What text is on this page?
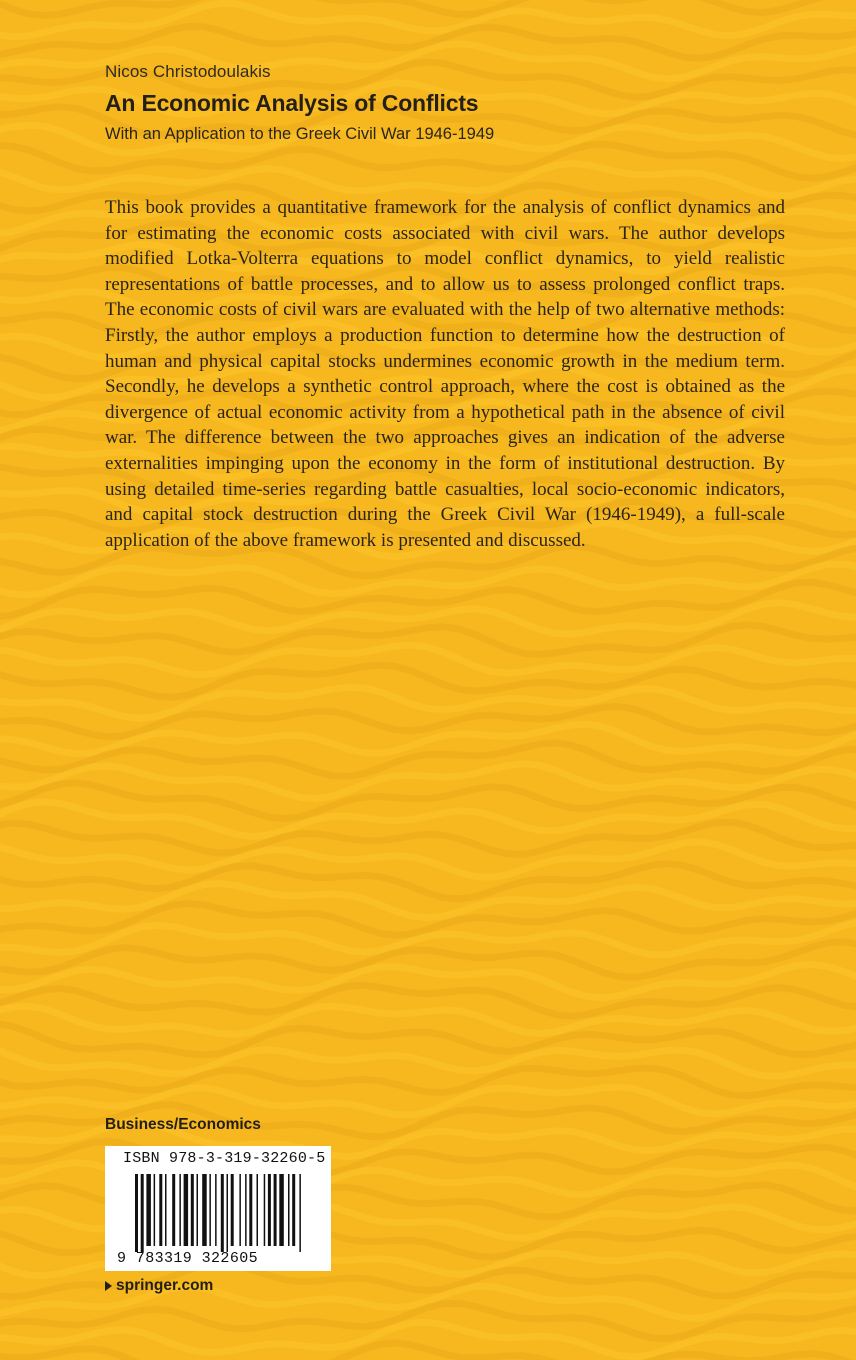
Nicos Christodoulakis
An Economic Analysis of Conflicts
With an Application to the Greek Civil War 1946-1949

This book provides a quantitative framework for the analysis of conflict dynamics and for estimating the economic costs associated with civil wars. The author develops modified Lotka-Volterra equations to model conflict dynamics, to yield realistic representations of battle processes, and to allow us to assess prolonged conflict traps. The economic costs of civil wars are evaluated with the help of two alternative methods: Firstly, the author employs a production function to determine how the destruction of human and physical capital stocks undermines economic growth in the medium term. Secondly, he develops a synthetic control approach, where the cost is obtained as the divergence of actual economic activity from a hypothetical path in the absence of civil war. The difference between the two approaches gives an indication of the adverse externalities impinging upon the economy in the form of institutional destruction. By using detailed time-series regarding battle casualties, local socio-economic indicators, and capital stock destruction during the Greek Civil War (1946-1949), a full-scale application of the above framework is presented and discussed.

Business/Economics
ISBN 978-3-319-32260-5
9 783319 322605
springer.com
